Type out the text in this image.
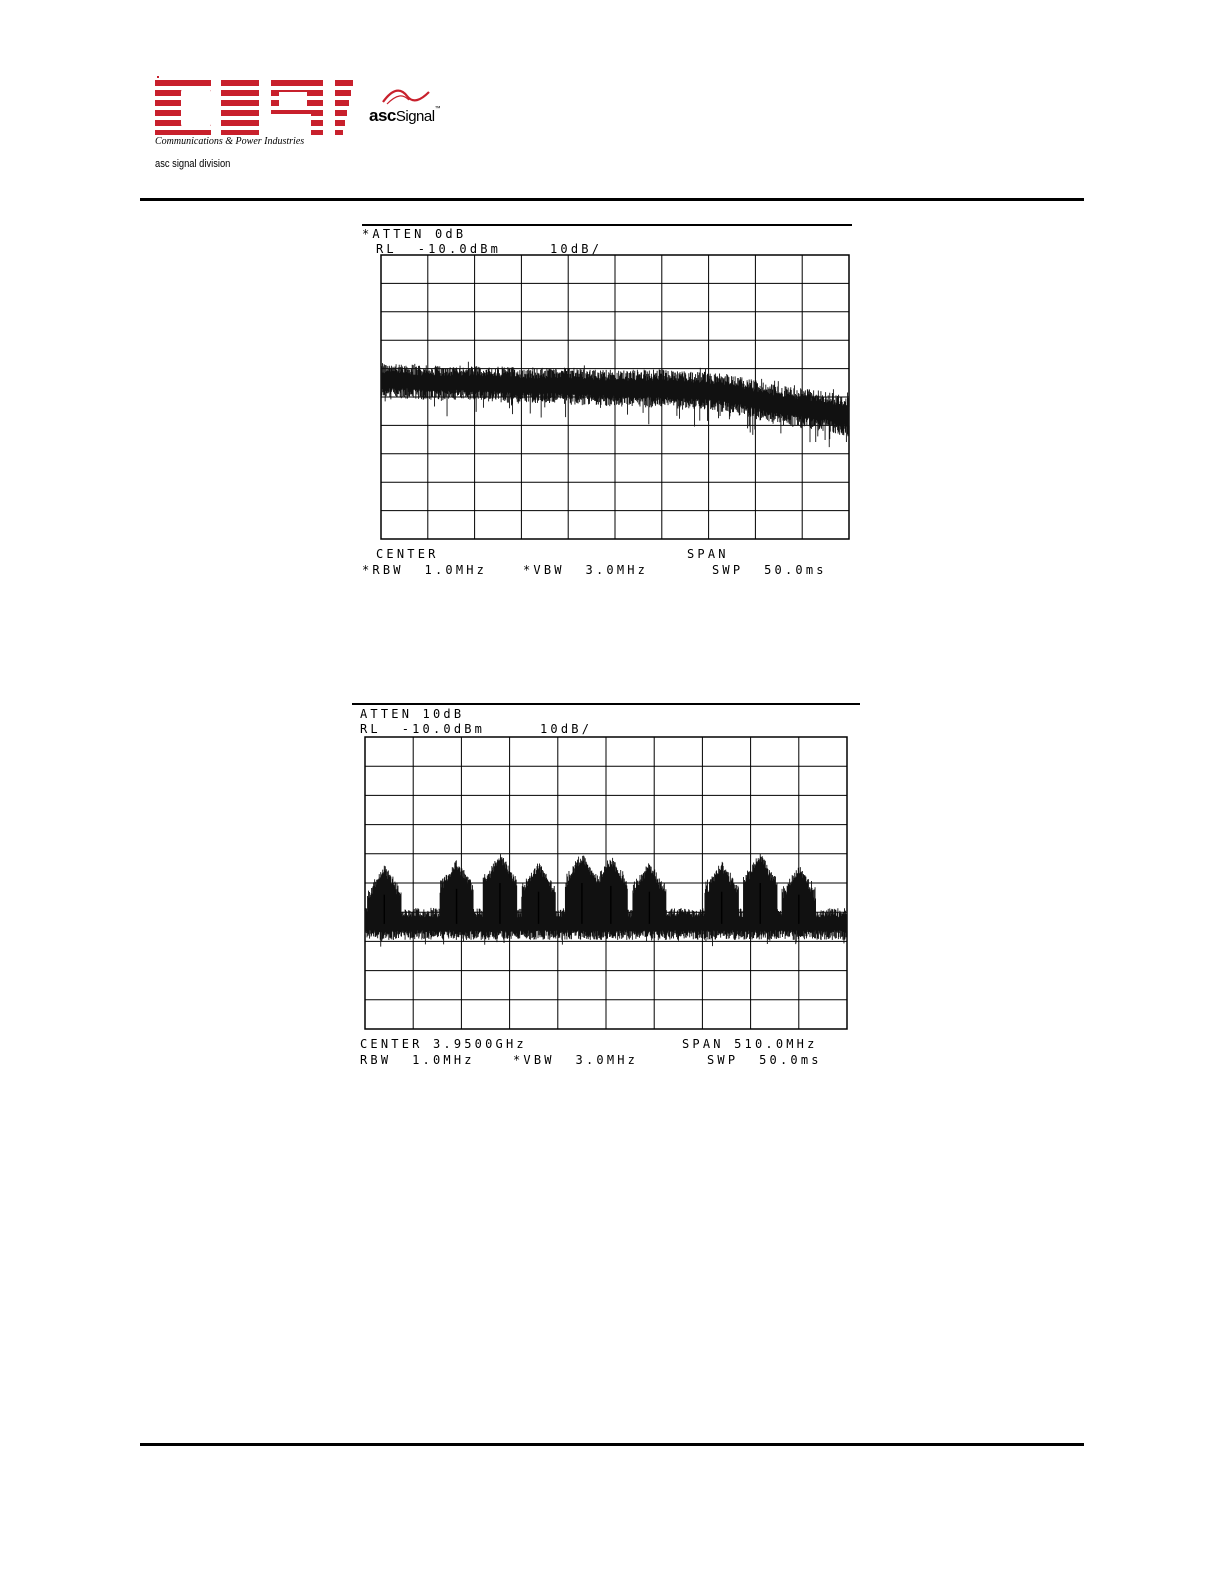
Communications & Power Industries
asc signal division
ascSignal™
*ATTEN 0dB
RL  -10.0dBm	10dB/
CENTER	SPAN
*RBW  1.0MHz	*VBW  3.0MHz	SWP  50.0ms
ATTEN 10dB
RL  -10.0dBm	10dB/
CENTER 3.9500GHz	SPAN 510.0MHz
RBW  1.0MHz	*VBW  3.0MHz	SWP  50.0ms
